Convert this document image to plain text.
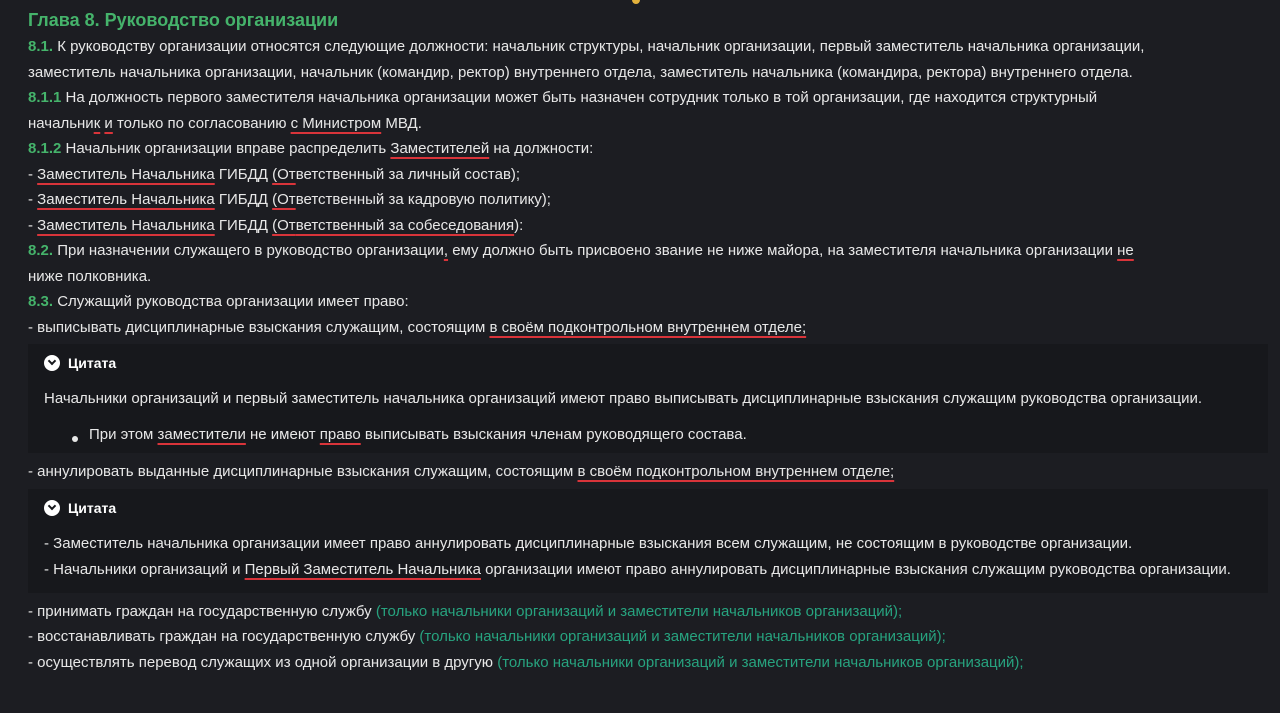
Глава 8. Руководство организации
8.1. К руководству организации относятся следующие должности: начальник структуры, начальник организации, первый заместитель начальника организации,
заместитель начальника организации, начальник (командир, ректор) внутреннего отдела, заместитель начальника (командира, ректора) внутреннего отдела.
8.1.1 На должность первого заместителя начальника организации может быть назначен сотрудник только в той организации, где находится структурный
начальник и только по согласованию с Министром МВД.
8.1.2 Начальник организации вправе распределить Заместителей на должности:
- Заместитель Начальника ГИБДД (Ответственный за личный состав);
- Заместитель Начальника ГИБДД (Ответственный за кадровую политику);
- Заместитель Начальника ГИБДД (Ответственный за собеседования):
8.2. При назначении служащего в руководство организации, ему должно быть присвоено звание не ниже майора, на заместителя начальника организации не
ниже полковника.
8.3. Служащий руководства организации имеет право:
- выписывать дисциплинарные взыскания служащим, состоящим в своём подконтрольном внутреннем отделе;
Цитата
Начальники организаций и первый заместитель начальника организаций имеют право выписывать дисциплинарные взыскания служащим руководства организации.
При этом заместители не имеют право выписывать взыскания членам руководящего состава.
- аннулировать выданные дисциплинарные взыскания служащим, состоящим в своём подконтрольном внутреннем отделе;
Цитата
- Заместитель начальника организации имеет право аннулировать дисциплинарные взыскания всем служащим, не состоящим в руководстве организации.
- Начальники организаций и Первый Заместитель Начальника организации имеют право аннулировать дисциплинарные взыскания служащим руководства организации.
- принимать граждан на государственную службу (только начальники организаций и заместители начальников организаций);
- восстанавливать граждан на государственную службу (только начальники организаций и заместители начальников организаций);
- осуществлять перевод служащих из одной организации в другую (только начальники организаций и заместители начальников организаций);
